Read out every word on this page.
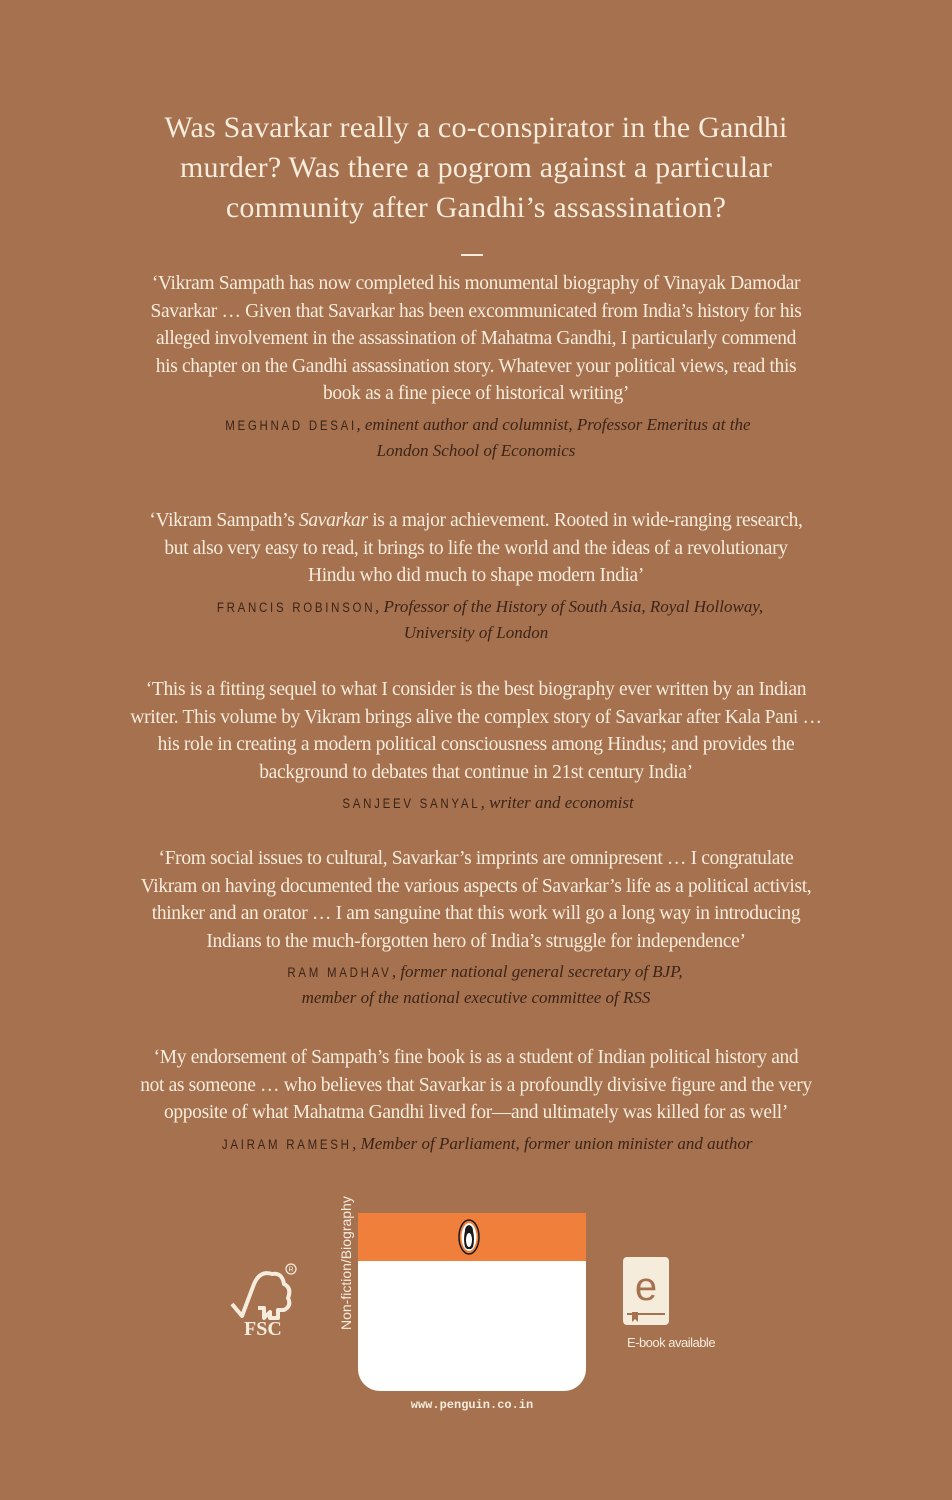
Was Savarkar really a co-conspirator in the Gandhi
murder? Was there a pogrom against a particular
community after Gandhi’s assassination?
‘Vikram Sampath has now completed his monumental biography of Vinayak Damodar
Savarkar … Given that Savarkar has been excommunicated from India’s history for his
alleged involvement in the assassination of Mahatma Gandhi, I particularly commend
his chapter on the Gandhi assassination story. Whatever your political views, read this
book as a fine piece of historical writing’
MEGHNAD DESAI, eminent author and columnist, Professor Emeritus at the
London School of Economics
‘Vikram Sampath’s Savarkar is a major achievement. Rooted in wide-ranging research,
but also very easy to read, it brings to life the world and the ideas of a revolutionary
Hindu who did much to shape modern India’
FRANCIS ROBINSON, Professor of the History of South Asia, Royal Holloway,
University of London
‘This is a fitting sequel to what I consider is the best biography ever written by an Indian
writer. This volume by Vikram brings alive the complex story of Savarkar after Kala Pani …
his role in creating a modern political consciousness among Hindus; and provides the
background to debates that continue in 21st century India’
SANJEEV SANYAL, writer and economist
‘From social issues to cultural, Savarkar’s imprints are omnipresent … I congratulate
Vikram on having documented the various aspects of Savarkar’s life as a political activist,
thinker and an orator … I am sanguine that this work will go a long way in introducing
Indians to the much-forgotten hero of India’s struggle for independence’
RAM MADHAV, former national general secretary of BJP,
member of the national executive committee of RSS
‘My endorsement of Sampath’s fine book is as a student of Indian political history and
not as someone … who believes that Savarkar is a profoundly divisive figure and the very
opposite of what Mahatma Gandhi lived for—and ultimately was killed for as well’
JAIRAM RAMESH, Member of Parliament, former union minister and author
R
FSC	Non-fiction/Biography
www.penguin.co.in
e
E-book available
